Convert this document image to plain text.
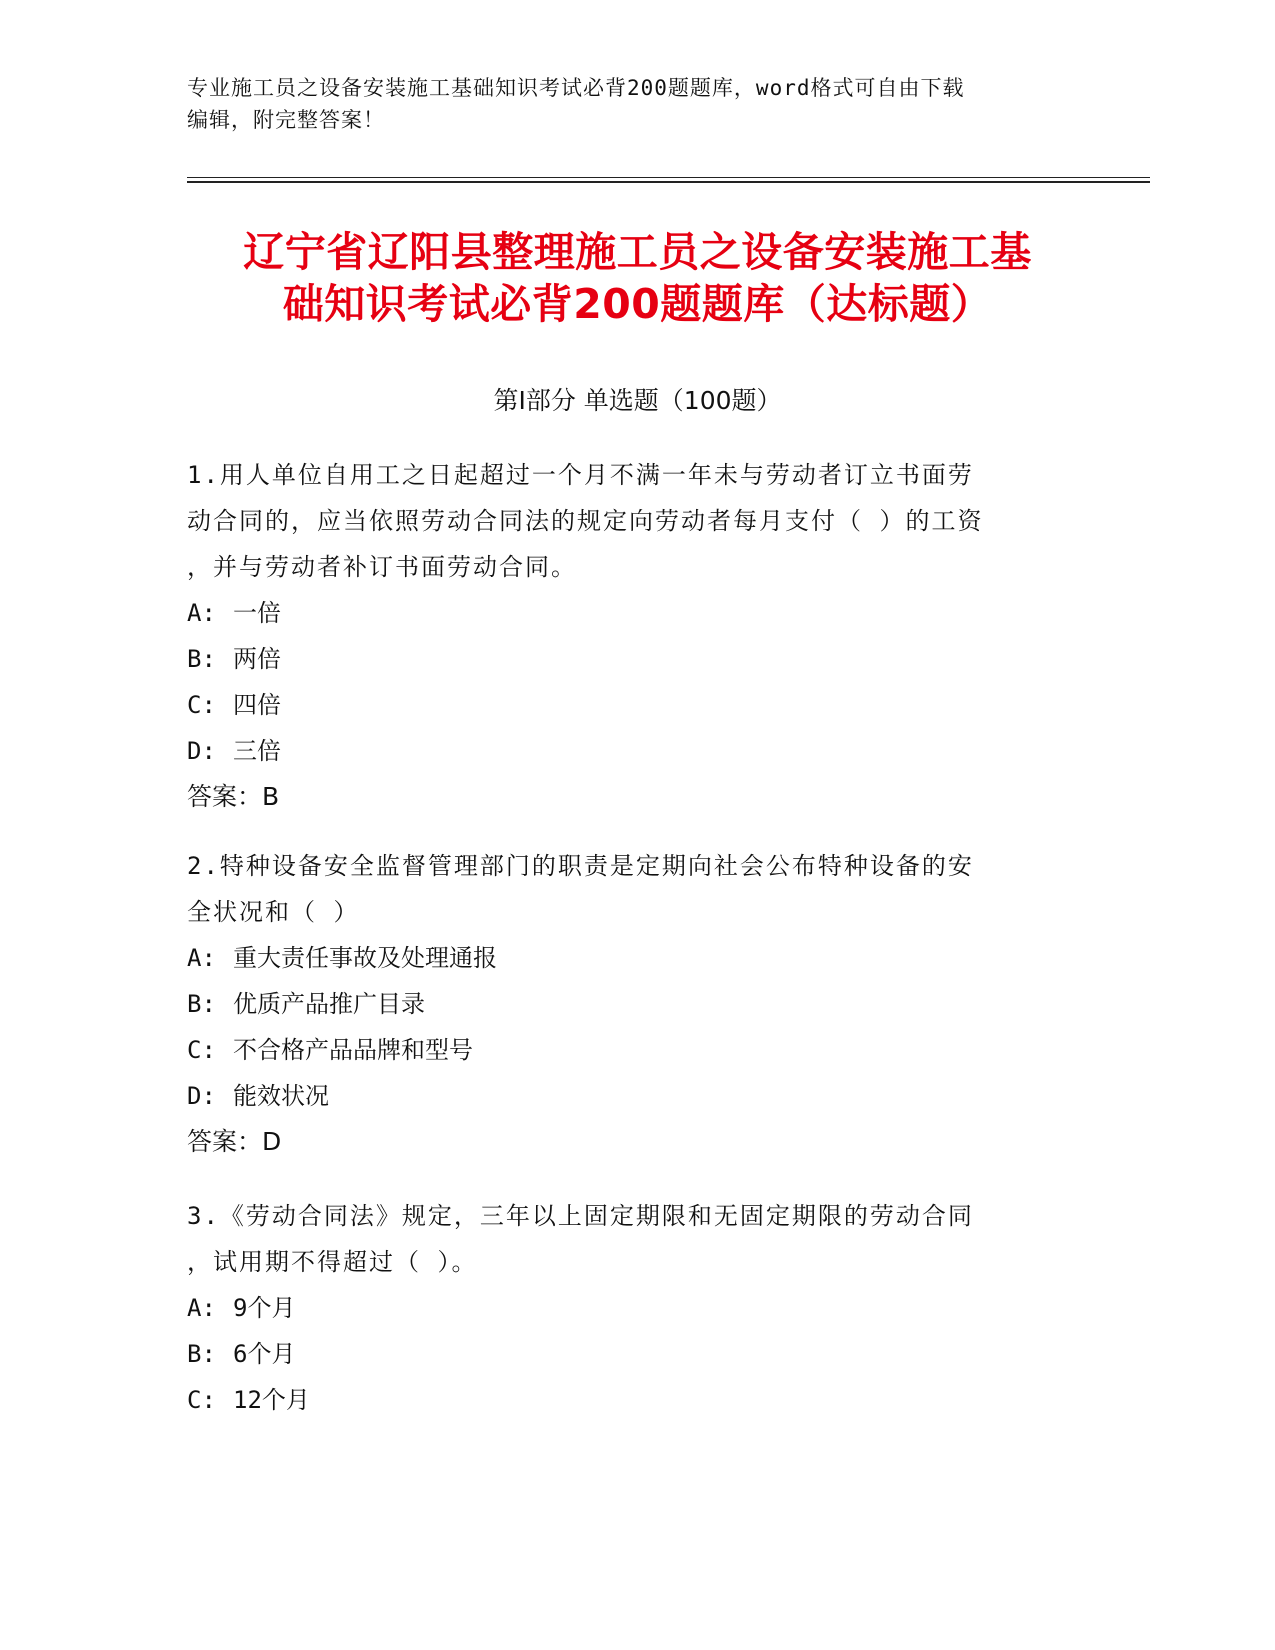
专业施工员之设备安装施工基础知识考试必背200题题库，word格式可自由下载
编辑，附完整答案！
辽宁省辽阳县整理施工员之设备安装施工基
础知识考试必背200题题库（达标题）
第Ⅰ部分 单选题（100题）
1.用人单位自用工之日起超过一个月不满一年未与劳动者订立书面劳
动合同的，应当依照劳动合同法的规定向劳动者每月支付（ ）的工资
，并与劳动者补订书面劳动合同。
A: 一倍
B: 两倍
C: 四倍
D: 三倍
答案：B
2.特种设备安全监督管理部门的职责是定期向社会公布特种设备的安
全状况和（ ）
A: 重大责任事故及处理通报
B: 优质产品推广目录
C: 不合格产品品牌和型号
D: 能效状况
答案：D
3.《劳动合同法》规定，三年以上固定期限和无固定期限的劳动合同
，试用期不得超过（ ）。
A: 9个月
B: 6个月
C: 12个月
